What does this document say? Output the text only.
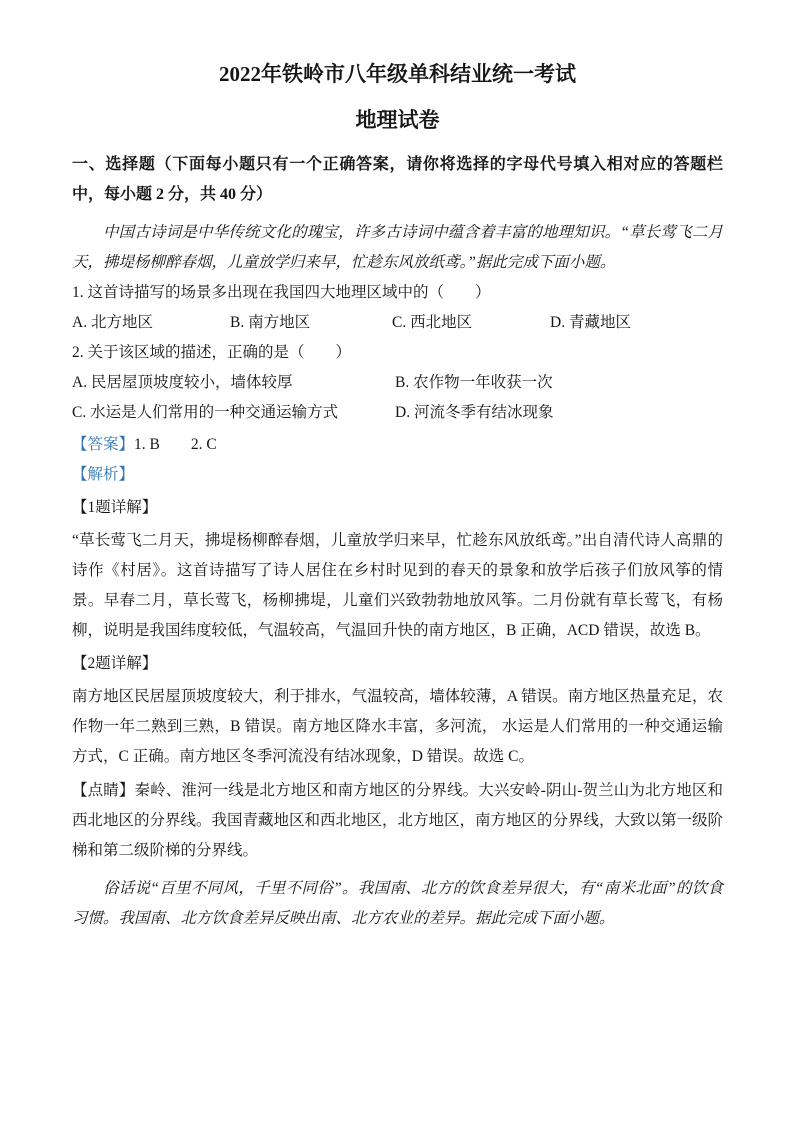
2022年铁岭市八年级单科结业统一考试
地理试卷

一、选择题（下面每小题只有一个正确答案，请你将选择的字母代号填入相对应的答题栏中，每小题 2 分，共 40 分）

中国古诗词是中华传统文化的瑰宝，许多古诗词中蕴含着丰富的地理知识。“草长莺飞二月天，拂堤杨柳醉春烟，儿童放学归来早，忙趁东风放纸鸢。”据此完成下面小题。

1. 这首诗描写的场景多出现在我国四大地理区域中的（　　）

A. 北方地区	B. 南方地区	C. 西北地区	D. 青藏地区

2. 关于该区域的描述，正确的是（　　）

A. 民居屋顶坡度较小，墙体较厚	B. 农作物一年收获一次
C. 水运是人们常用的一种交通运输方式	D. 河流冬季有结冰现象

【答案】1. B　　2. C

【解析】

【1题详解】

“草长莺飞二月天，拂堤杨柳醉春烟，儿童放学归来早，忙趁东风放纸鸢。”出自清代诗人高鼎的诗作《村居》。这首诗描写了诗人居住在乡村时见到的春天的景象和放学后孩子们放风筝的情景。早春二月，草长莺飞，杨柳拂堤，儿童们兴致勃勃地放风筝。二月份就有草长莺飞，有杨柳，说明是我国纬度较低，气温较高，气温回升快的南方地区，B 正确，ACD 错误，故选 B。

【2题详解】

南方地区民居屋顶坡度较大，利于排水，气温较高，墙体较薄，A 错误。南方地区热量充足，农作物一年二熟到三熟，B 错误。南方地区降水丰富，多河流， 水运是人们常用的一种交通运输方式，C 正确。南方地区冬季河流没有结冰现象，D 错误。故选 C。

【点睛】秦岭、淮河一线是北方地区和南方地区的分界线。大兴安岭-阴山-贺兰山为北方地区和西北地区的分界线。我国青藏地区和西北地区，北方地区，南方地区的分界线，大致以第一级阶梯和第二级阶梯的分界线。

俗话说“百里不同风，千里不同俗”。我国南、北方的饮食差异很大，有“南米北面”的饮食习惯。我国南、北方饮食差异反映出南、北方农业的差异。据此完成下面小题。
